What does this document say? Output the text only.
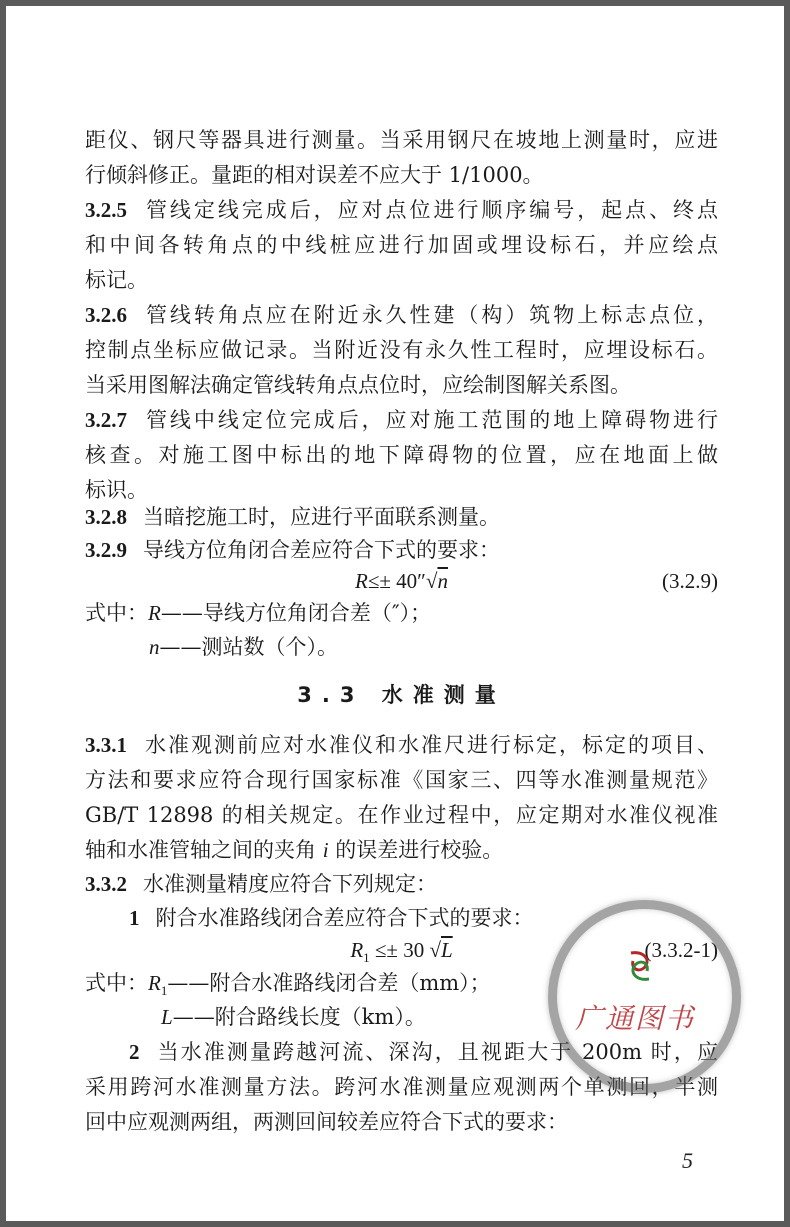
距仪、钢尺等器具进行测量。当采用钢尺在坡地上测量时，应进
行倾斜修正。量距的相对误差不应大于 1/1000。
3.2.5 管线定线完成后，应对点位进行顺序编号，起点、终点
和中间各转角点的中线桩应进行加固或埋设标石，并应绘点
标记。
3.2.6 管线转角点应在附近永久性建（构）筑物上标志点位，
控制点坐标应做记录。当附近没有永久性工程时，应埋设标石。
当采用图解法确定管线转角点点位时，应绘制图解关系图。
3.2.7 管线中线定位完成后，应对施工范围的地上障碍物进行
核查。对施工图中标出的地下障碍物的位置，应在地面上做
标识。
3.2.8 当暗挖施工时，应进行平面联系测量。
3.2.9 导线方位角闭合差应符合下式的要求：
R≤± 40″√n	(3.2.9)
式中：R——导线方位角闭合差（″）；
n——测站数（个）。
3.3 水准测量
3.3.1 水准观测前应对水准仪和水准尺进行标定，标定的项目、
方法和要求应符合现行国家标准《国家三、四等水准测量规范》
GB/T 12898 的相关规定。在作业过程中，应定期对水准仪视准
轴和水准管轴之间的夹角 i 的误差进行校验。
3.3.2 水准测量精度应符合下列规定：
1 附合水准路线闭合差应符合下式的要求：
$R_1 \le\pm 30$ √L	(3.3.2-1)
式中：$R_1——$附合水准路线闭合差（mm）；
L——附合路线长度（km）。
2 当水准测量跨越河流、深沟，且视距大于 200m 时，应
采用跨河水准测量方法。跨河水准测量应观测两个单测回，半测
回中应观测两组，两测回间较差应符合下式的要求：
5
广通图书
